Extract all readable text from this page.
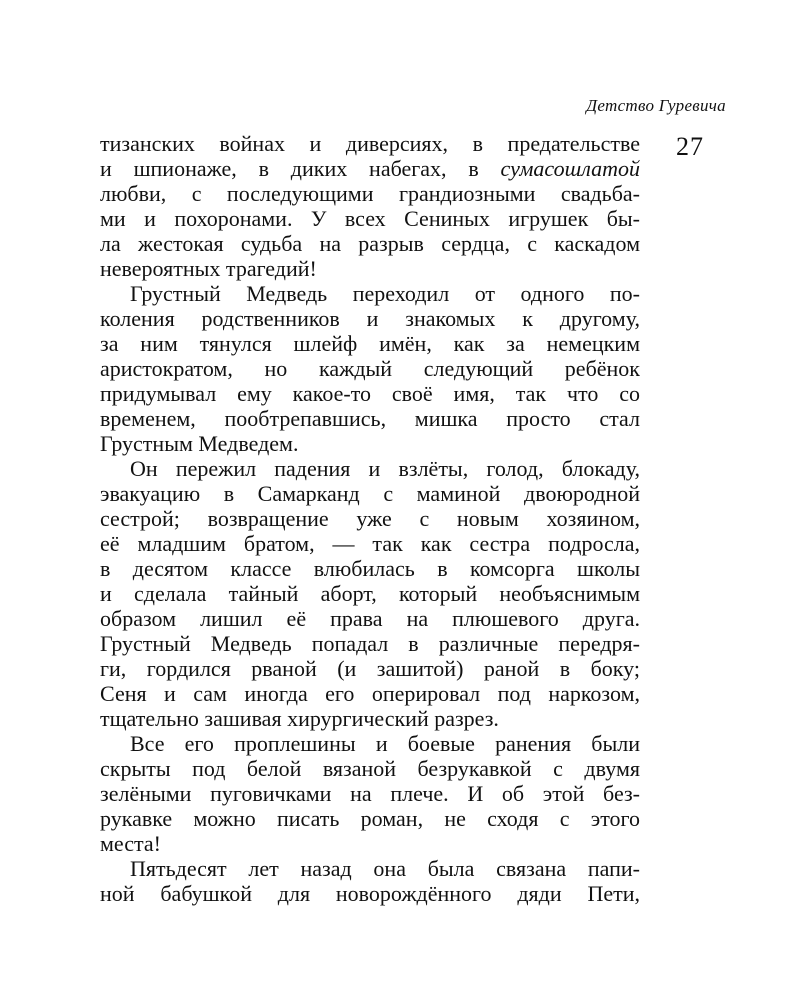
Детство Гуревича
27
тизанских войнах и диверсиях, в предательстве
и шпионаже, в диких набегах, в сумасошлатой
любви, с последующими грандиозными свадьба-
ми и похоронами. У всех Сениных игрушек бы-
ла жестокая судьба на разрыв сердца, с каскадом
невероятных трагедий!
Грустный Медведь переходил от одного по-
коления родственников и знакомых к другому,
за ним тянулся шлейф имён, как за немецким
аристократом, но каждый следующий ребёнок
придумывал ему какое-то своё имя, так что со
временем, пообтрепавшись, мишка просто стал
Грустным Медведем.
Он пережил падения и взлёты, голод, блокаду,
эвакуацию в Самарканд с маминой двоюродной
сестрой; возвращение уже с новым хозяином,
её младшим братом, — так как сестра подросла,
в десятом классе влюбилась в комсорга школы
и сделала тайный аборт, который необъяснимым
образом лишил её права на плюшевого друга.
Грустный Медведь попадал в различные передря-
ги, гордился рваной (и зашитой) раной в боку;
Сеня и сам иногда его оперировал под наркозом,
тщательно зашивая хирургический разрез.
Все его проплешины и боевые ранения были
скрыты под белой вязаной безрукавкой с двумя
зелёными пуговичками на плече. И об этой без-
рукавке можно писать роман, не сходя с этого
места!
Пятьдесят лет назад она была связана папи-
ной бабушкой для новорождённого дяди Пети,
